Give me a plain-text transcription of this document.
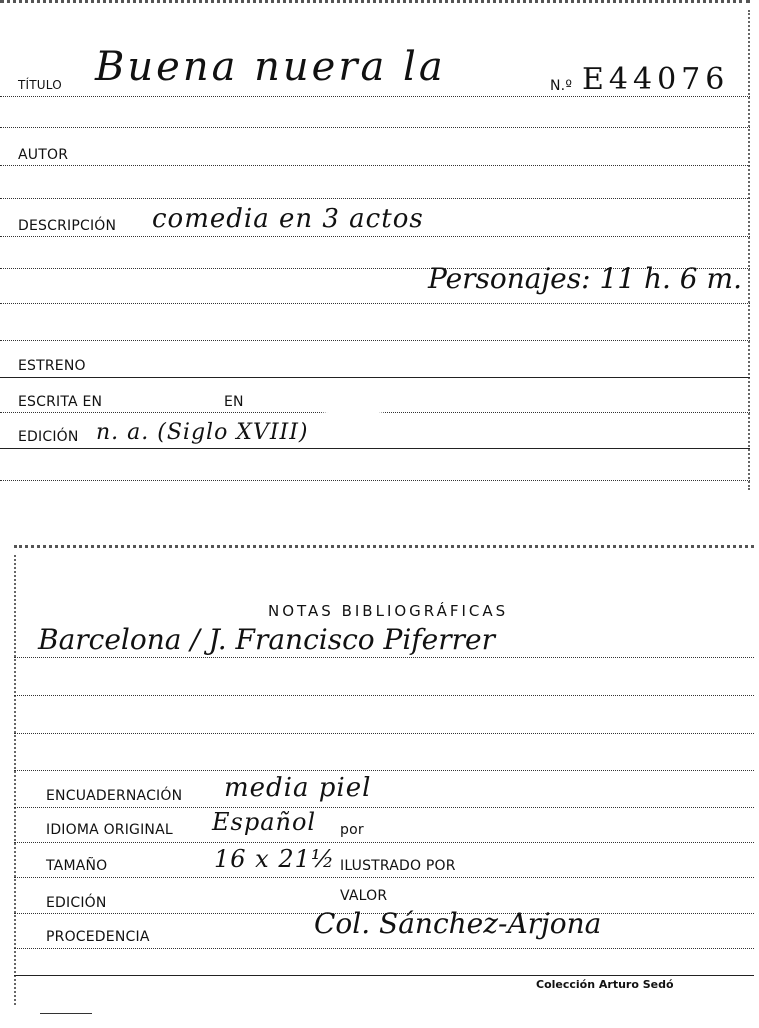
TÍTULO Buena nuera la	N.º E44076
AUTOR
DESCRIPCIÓN comedia en 3 actos
Personajes: 11 h. 6 m.
ESTRENO
ESCRITA EN	EN
EDICIÓN n. a. (Siglo XVIII)
NOTAS BIBLIOGRÁFICAS
Barcelona / J. Francisco Piferrer
ENCUADERNACIÓN media piel
IDIOMA ORIGINAL Español por
TAMAÑO	16 x 21½ ILUSTRADO POR
EDICIÓN	VALOR
PROCEDENCIA	Col. Sánchez-Arjona
Colección Arturo Sedó
